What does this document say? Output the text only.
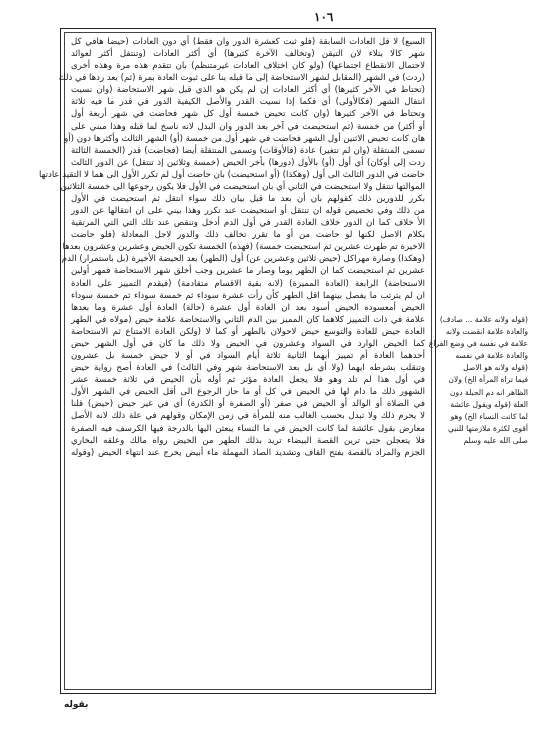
١٠٦
السبع) لا قل العادات السابقة (فلو ثبت كعشرة الدور وان فقط) أي دون العادات (حيضا هافي كل
شهر كالا بتلاء لان التيقن (وتخالف الآخرة كثيرها) أي أكثر العادات (وتنتقل أكثر لعوائد
لاحتمال الانقطاع اجتماعها) (ولو كان اختلاف العادات غيرمتنظم) بان تتقدم هذه مرة وهذه أخرى
(ردت) في الشهر (المقابل لشهر الاستحاضة إلى ما قبله بنا على ثبوت العادة بمرة (ثم) بعد ردها في ذلك
(تحتاط في الآخر كثيرها) أي أكثر العادات إن لم يكن هو الذي قبل شهر الاستحاضة (وان نسيت
انتقال الشهر (فكالأولى) أي فكما إذا نسيت القدر والأصل الكيفية الدور في قدر ما فيه ثلاثة
وتحتاط في الآخر كثيرها (وان كانت تحيض خمسة أول كل شهر فحاضت في شهر أربعة أول
أو أكثر) من خمسة (ثم استحيضت في آخر بعد الدور وان البدل لانه ناسخ لما قبله وهذا مبني على
هان كانت تحيض الاثنين أول الشهر فحاضت في شهر أول من خمسة (أو) الشهر الثالث وأكثرها دون (أو
تسمى المنتقلة (وان لم تتغير) عادة (فالأوقات) وتسمى المنتقلة أيضا (فحاضت) قدر (الخمسة الثالثة
ردت إلى أوكان) أي أول (أو) بالأول (دورها) بأخر الحيض (خمسة وثلاثين إذ تنتقل) عن الدور الثالث
حاضت في الدور الثالث الى أول (وهكذا) (أو استحيضت) بان حاضت أول لم تكرر الأول الى هما لا التقيد عادتها
الموالتها تنتقل ولا استحيضت في الثاني أي بان استحيضت في الأول فلا يكون رجوعها الى خمسة الثلاثين
بكرر للدورين ذلك كقولهم بان أن بعد ما قيل بيان ذلك سواء انتقل ثم استحيضت في الأول
من ذلك وفي تخصيص قوله ان تنتقل أو استحيضت عند تكرر وهذا بيني على ان انتقالها عن الدور
الأ خلاف كما ان الدور خلاف العادة القدر في أول الدم أدخل وتنقص عند تلك التي التي المرتقية
بكلام الاصل لكنها لو حاضت من أو ما تقرر تخالف ذلك والدور لاجل المعادلة (فلو حاضت
الاخيرة تم طهرت عشرين ثم استحيضت خمسة) (فهذه) الخمسة تكون الحيض وعشرين وعشرون بعدها
(وهكذا) وصارة مهراكل (حيض ثلاثين وعشرين عن) أول (الطهر) بعد الحيضة الأخيرة (بل باستمرار) الدم
عشرين ثم استحيضت كما ان الطهر يوما وصار ما عشرين وجب أخلق شهر الاستحاضة فمهر أولين
الاستحاضة) الرابعة (العادة المميزة) (لانه بقية الاقسام متقادمة) (فيقدم التمييز على العادة
ان لم يترتب ما يفصل بينهما اقل الطهر كأن رأت عشرة سوداء ثم خمسة سوداء ثم خمسة سوداء
الحيض أمعسوده الحيض أسود بعد ان العادة أول عشرة (حالة) العادة أول عشرة وما بعدها
علامة في ذات التمييز كلاهما كان المميز بين الدم الثاني والاستحاضة علامة حيض (مولاه في الطهر
العادة حيض للعادة والتوسع حيض لاحولان بالطهر أو كما لا (ولكن العادة الامتناع ثم الاستحاضة
كما الحيض الوارد في السواد وعشرون في الحيض ولا ذلك ما كان في أول الشهر حيض
أحدهما العادة أم تمييز أيهما الثانية ثلاثة أيام السواد في أو لا حيض خمسة بل عشرون
وتنقلب بشرطه ايهما (ولا أي بل بعد الاستحاضة شهر وفي الثالث) في العادة أصح رواية حيض
في أول هذا لم تلد وهو فلا يجعل العادة مؤثر ثم أوله بأن الحيض في ثلاثة خمسة عشر
الشهور ذلك ما دام لها في الحيض في كل أو ما حاز الرجوع الى أقل الحيض في الشهر الأول
في الصلاة أو الوالد أو الحيض في صفر (أو الصفرة أو الكدرة) أي في غير حيض (حيض) قلنا
لا يحرم ذلك ولا تبدل بحسب الغالب منه للمرأة في زمن الإمكان وقولهم في علة ذلك لانه الأصل
معارض بقول عائشة لما كانت الحيض في ما النساء يبعثن اليها بالدرجة فيها الكرسف فيه الصفرة
فلا يتعجلن حتى ترين القصة البيضاء تريد بذلك الطهر من الحيض رواه مالك وعلقه البخاري
الجزم والمراد بالقصة بفتح القاف وتشديد الصاد المهملة ماء أبيض يخرج عند انتهاء الحيض (وقوله
(قوله ولانه علامة ... صادف)
والعادة علامة انقضت ولانه
علامة في نفسه في وضع الفراغ
والعادة علامة في نفسه
(قوله ولانه هو الاصل
فيما تراه المرأة الخ) ولان
الظاهر انه دم الجبلة دون
العلة (قوله ويقول عائشة
لما كانت النساء الخ) وهو
أقوى لكثرة ملازمتها للنبي
صلى الله عليه وسلم
بقوله
